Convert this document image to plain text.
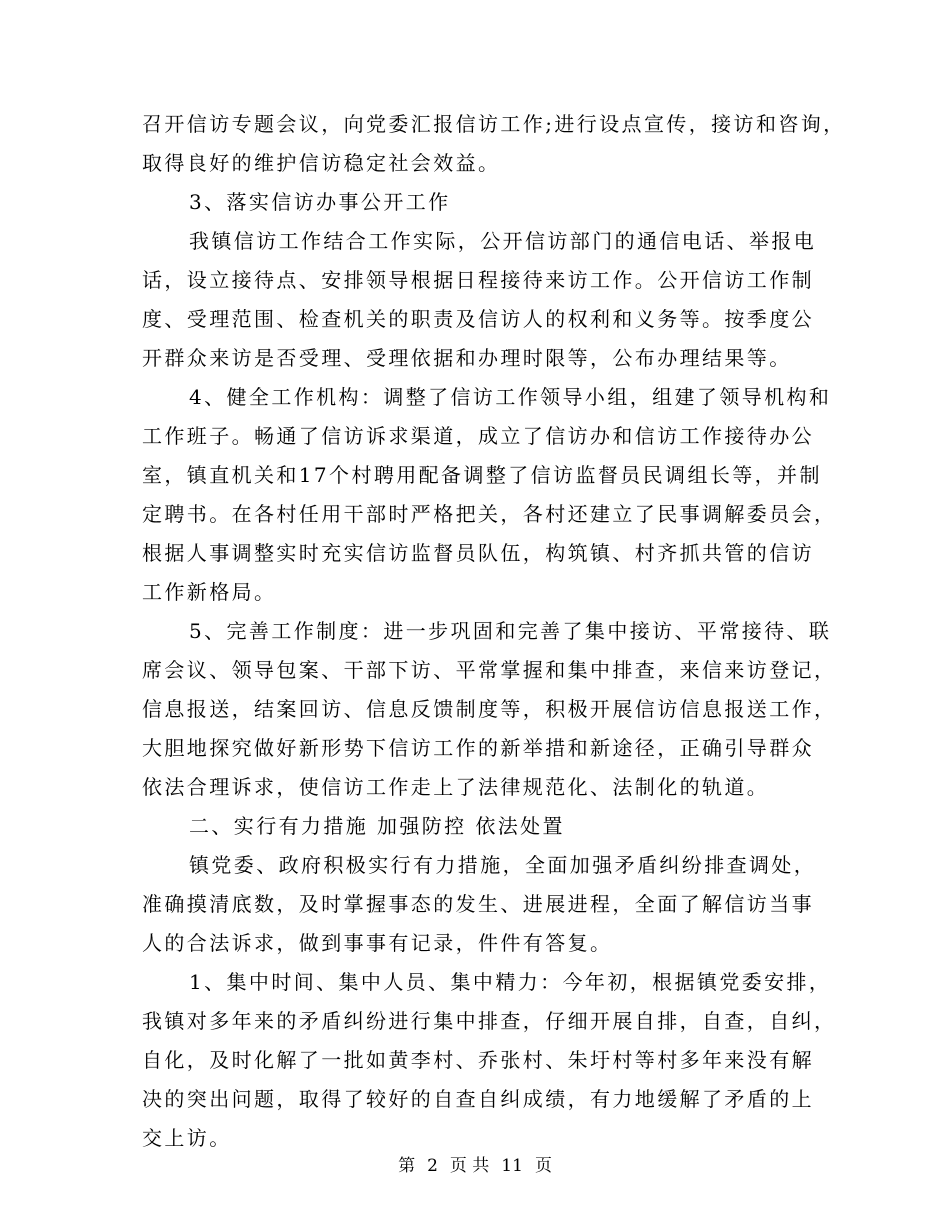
召开信访专题会议，向党委汇报信访工作;进行设点宣传，接访和咨询，
取得良好的维护信访稳定社会效益。
3、落实信访办事公开工作
我镇信访工作结合工作实际，公开信访部门的通信电话、举报电
话，设立接待点、安排领导根据日程接待来访工作。公开信访工作制
度、受理范围、检查机关的职责及信访人的权利和义务等。按季度公
开群众来访是否受理、受理依据和办理时限等，公布办理结果等。
4、健全工作机构：调整了信访工作领导小组，组建了领导机构和
工作班子。畅通了信访诉求渠道，成立了信访办和信访工作接待办公
室，镇直机关和17个村聘用配备调整了信访监督员民调组长等，并制
定聘书。在各村任用干部时严格把关，各村还建立了民事调解委员会，
根据人事调整实时充实信访监督员队伍，构筑镇、村齐抓共管的信访
工作新格局。
5、完善工作制度：进一步巩固和完善了集中接访、平常接待、联
席会议、领导包案、干部下访、平常掌握和集中排查，来信来访登记，
信息报送，结案回访、信息反馈制度等，积极开展信访信息报送工作，
大胆地探究做好新形势下信访工作的新举措和新途径，正确引导群众
依法合理诉求，使信访工作走上了法律规范化、法制化的轨道。
二、实行有力措施 加强防控 依法处置
镇党委、政府积极实行有力措施，全面加强矛盾纠纷排查调处，
准确摸清底数，及时掌握事态的发生、进展进程，全面了解信访当事
人的合法诉求，做到事事有记录，件件有答复。
1、集中时间、集中人员、集中精力：今年初，根据镇党委安排，
我镇对多年来的矛盾纠纷进行集中排查，仔细开展自排，自查，自纠，
自化，及时化解了一批如黄李村、乔张村、朱圩村等村多年来没有解
决的突出问题，取得了较好的自查自纠成绩，有力地缓解了矛盾的上
交上访。
第 2 页 共 11 页
